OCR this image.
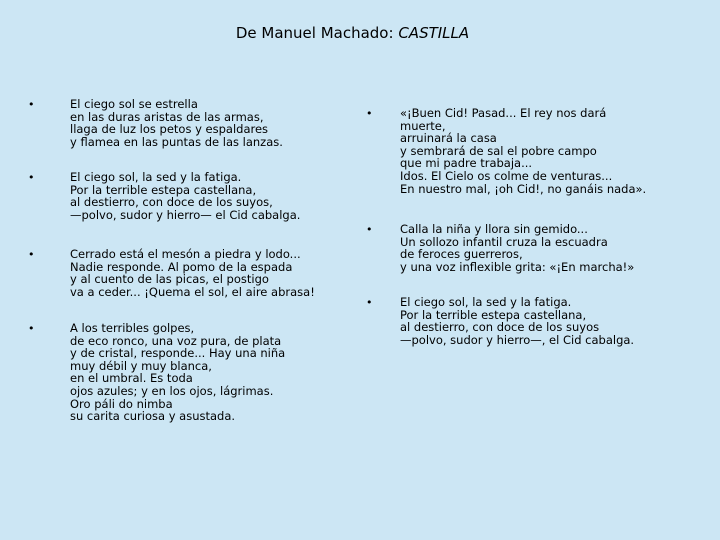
De Manuel Machado: CASTILLA
•	El ciego sol se estrella
en las duras aristas de las armas,
llaga de luz los petos y espaldares
y flamea en las puntas de las lanzas.
•	El ciego sol, la sed y la fatiga.
Por la terrible estepa castellana,
al destierro, con doce de los suyos,
—polvo, sudor y hierro— el Cid cabalga.
•	Cerrado está el mesón a piedra y lodo...
Nadie responde. Al pomo de la espada
y al cuento de las picas, el postigo
va a ceder... ¡Quema el sol, el aire abrasa!
•	A los terribles golpes,
de eco ronco, una voz pura, de plata
y de cristal, responde... Hay una niña
muy débil y muy blanca,
en el umbral. Es toda
ojos azules; y en los ojos, lágrimas.
Oro páli do nimba
su carita curiosa y asustada.
•	«¡Buen Cid! Pasad... El rey nos dará
muerte,
arruinará la casa
y sembrará de sal el pobre campo
que mi padre trabaja...
Idos. El Cielo os colme de venturas...
En nuestro mal, ¡oh Cid!, no ganáis nada».
•	Calla la niña y llora sin gemido...
Un sollozo infantil cruza la escuadra
de feroces guerreros,
y una voz inflexible grita: «¡En marcha!»
•	El ciego sol, la sed y la fatiga.
Por la terrible estepa castellana,
al destierro, con doce de los suyos
—polvo, sudor y hierro—, el Cid cabalga.
